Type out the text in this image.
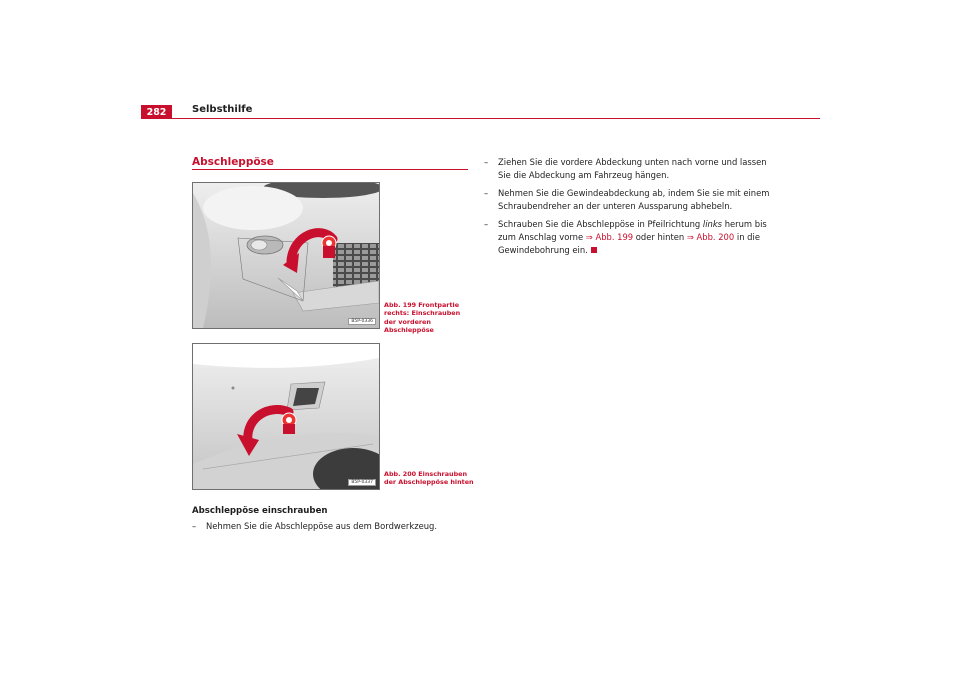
282	Selbsthilfe
Abschleppöse
B5P-0336
Abb. 199 Frontpartie rechts: Einschrauben der vorderen Abschleppöse
B5P-0337
Abb. 200 Einschrauben der Abschleppöse hinten
Abschleppöse einschrauben
– Nehmen Sie die Abschleppöse aus dem Bordwerkzeug.
– Ziehen Sie die vordere Abdeckung unten nach vorne und lassen Sie die Abdeckung am Fahrzeug hängen.
– Nehmen Sie die Gewindeabdeckung ab, indem Sie sie mit einem Schraubendreher an der unteren Aussparung abhebeln.
– Schrauben Sie die Abschleppöse in Pfeilrichtung links herum bis zum Anschlag vorne ⇒ Abb. 199 oder hinten ⇒ Abb. 200 in die Gewindebohrung ein.
